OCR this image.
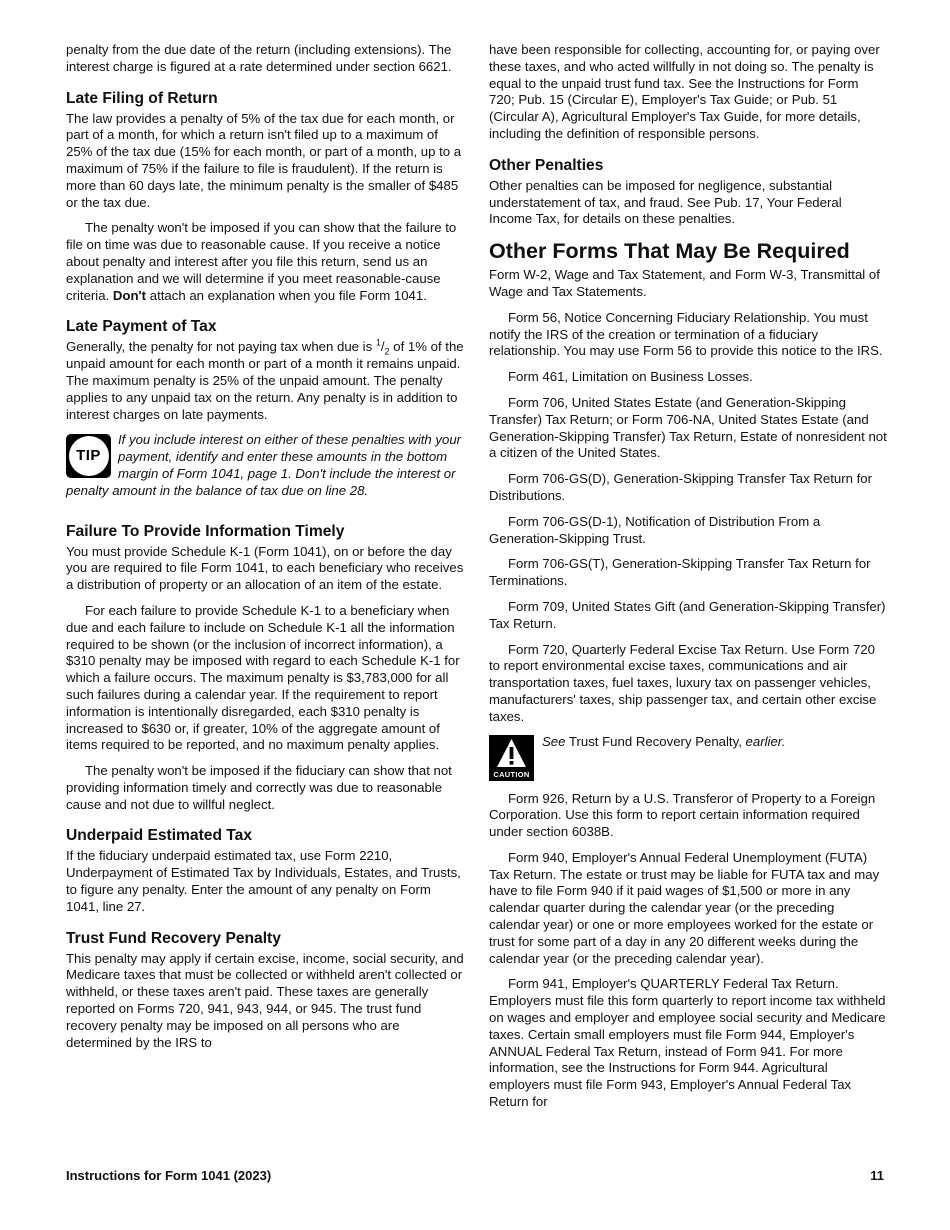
penalty from the due date of the return (including extensions). The interest charge is figured at a rate determined under section 6621.

Late Filing of Return

The law provides a penalty of 5% of the tax due for each month, or part of a month, for which a return isn't filed up to a maximum of 25% of the tax due (15% for each month, or part of a month, up to a maximum of 75% if the failure to file is fraudulent). If the return is more than 60 days late, the minimum penalty is the smaller of $485 or the tax due.

The penalty won't be imposed if you can show that the failure to file on time was due to reasonable cause. If you receive a notice about penalty and interest after you file this return, send us an explanation and we will determine if you meet reasonable-cause criteria. Don't attach an explanation when you file Form 1041.

Late Payment of Tax

Generally, the penalty for not paying tax when due is $^1/_2$ of 1% of the unpaid amount for each month or part of a month it remains unpaid. The maximum penalty is 25% of the unpaid amount. The penalty applies to any unpaid tax on the return. Any penalty is in addition to interest charges on late payments.

TIP
If you include interest on either of these penalties with your payment, identify and enter these amounts in the bottom margin of Form 1041, page 1. Don't include the interest or penalty amount in the balance of tax due on line 28.
Failure To Provide Information Timely

You must provide Schedule K-1 (Form 1041), on or before the day you are required to file Form 1041, to each beneficiary who receives a distribution of property or an allocation of an item of the estate.

For each failure to provide Schedule K-1 to a beneficiary when due and each failure to include on Schedule K-1 all the information required to be shown (or the inclusion of incorrect information), a $310 penalty may be imposed with regard to each Schedule K-1 for which a failure occurs. The maximum penalty is $3,783,000 for all such failures during a calendar year. If the requirement to report information is intentionally disregarded, each $310 penalty is increased to $630 or, if greater, 10% of the aggregate amount of items required to be reported, and no maximum penalty applies.

The penalty won't be imposed if the fiduciary can show that not providing information timely and correctly was due to reasonable cause and not due to willful neglect.

Underpaid Estimated Tax

If the fiduciary underpaid estimated tax, use Form 2210, Underpayment of Estimated Tax by Individuals, Estates, and Trusts, to figure any penalty. Enter the amount of any penalty on Form 1041, line 27.

Trust Fund Recovery Penalty

This penalty may apply if certain excise, income, social security, and Medicare taxes that must be collected or withheld aren't collected or withheld, or these taxes aren't paid. These taxes are generally reported on Forms 720, 941, 943, 944, or 945. The trust fund recovery penalty may be imposed on all persons who are determined by the IRS to

have been responsible for collecting, accounting for, or paying over these taxes, and who acted willfully in not doing so. The penalty is equal to the unpaid trust fund tax. See the Instructions for Form 720; Pub. 15 (Circular E), Employer's Tax Guide; or Pub. 51 (Circular A), Agricultural Employer's Tax Guide, for more details, including the definition of responsible persons.

Other Penalties

Other penalties can be imposed for negligence, substantial understatement of tax, and fraud. See Pub. 17, Your Federal Income Tax, for details on these penalties.

Other Forms That May Be Required

Form W-2, Wage and Tax Statement, and Form W-3, Transmittal of Wage and Tax Statements.

Form 56, Notice Concerning Fiduciary Relationship. You must notify the IRS of the creation or termination of a fiduciary relationship. You may use Form 56 to provide this notice to the IRS.

Form 461, Limitation on Business Losses.

Form 706, United States Estate (and Generation-Skipping Transfer) Tax Return; or Form 706-NA, United States Estate (and Generation-Skipping Transfer) Tax Return, Estate of nonresident not a citizen of the United States.

Form 706-GS(D), Generation-Skipping Transfer Tax Return for Distributions.

Form 706-GS(D-1), Notification of Distribution From a Generation-Skipping Trust.

Form 706-GS(T), Generation-Skipping Transfer Tax Return for Terminations.

Form 709, United States Gift (and Generation-Skipping Transfer) Tax Return.

Form 720, Quarterly Federal Excise Tax Return. Use Form 720 to report environmental excise taxes, communications and air transportation taxes, fuel taxes, luxury tax on passenger vehicles, manufacturers' taxes, ship passenger tax, and certain other excise taxes.

CAUTION

See Trust Fund Recovery Penalty, earlier.

Form 926, Return by a U.S. Transferor of Property to a Foreign Corporation. Use this form to report certain information required under section 6038B.

Form 940, Employer's Annual Federal Unemployment (FUTA) Tax Return. The estate or trust may be liable for FUTA tax and may have to file Form 940 if it paid wages of $1,500 or more in any calendar quarter during the calendar year (or the preceding calendar year) or one or more employees worked for the estate or trust for some part of a day in any 20 different weeks during the calendar year (or the preceding calendar year).

Form 941, Employer's QUARTERLY Federal Tax Return. Employers must file this form quarterly to report income tax withheld on wages and employer and employee social security and Medicare taxes. Certain small employers must file Form 944, Employer's ANNUAL Federal Tax Return, instead of Form 941. For more information, see the Instructions for Form 944. Agricultural employers must file Form 943, Employer's Annual Federal Tax Return for

Instructions for Form 1041 (2023)	11
